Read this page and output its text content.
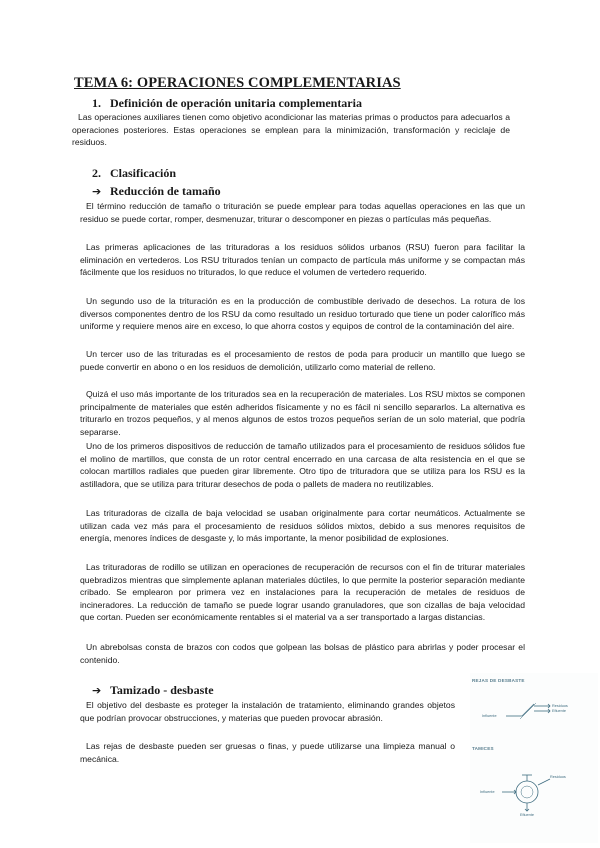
TEMA 6: OPERACIONES COMPLEMENTARIAS
1. Definición de operación unitaria complementaria

Las operaciones auxiliares tienen como objetivo acondicionar las materias primas o productos para adecuarlos a operaciones posteriores. Estas operaciones se emplean para la minimización, transformación y reciclaje de residuos.

2. Clasificación
➔ Reducción de tamaño

El término reducción de tamaño o trituración se puede emplear para todas aquellas operaciones en las que un residuo se puede cortar, romper, desmenuzar, triturar o descomponer en piezas o partículas más pequeñas.

Las primeras aplicaciones de las trituradoras a los residuos sólidos urbanos (RSU) fueron para facilitar la eliminación en vertederos. Los RSU triturados tenían un compacto de partícula más uniforme y se compactan más fácilmente que los residuos no triturados, lo que reduce el volumen de vertedero requerido.

Un segundo uso de la trituración es en la producción de combustible derivado de desechos. La rotura de los diversos componentes dentro de los RSU da como resultado un residuo torturado que tiene un poder calorífico más uniforme y requiere menos aire en exceso, lo que ahorra costos y equipos de control de la contaminación del aire.

Un tercer uso de las trituradas es el procesamiento de restos de poda para producir un mantillo que luego se puede convertir en abono o en los residuos de demolición, utilizarlo como material de relleno.

Quizá el uso más importante de los triturados sea en la recuperación de materiales. Los RSU mixtos se componen principalmente de materiales que estén adheridos físicamente y no es fácil ni sencillo separarlos. La alternativa es triturarlo en trozos pequeños, y al menos algunos de estos trozos pequeños serían de un solo material, que podría separarse.

Uno de los primeros dispositivos de reducción de tamaño utilizados para el procesamiento de residuos sólidos fue el molino de martillos, que consta de un rotor central encerrado en una carcasa de alta resistencia en el que se colocan martillos radiales que pueden girar libremente. Otro tipo de trituradora que se utiliza para los RSU es la astilladora, que se utiliza para triturar desechos de poda o pallets de madera no reutilizables.

Las trituradoras de cizalla de baja velocidad se usaban originalmente para cortar neumáticos. Actualmente se utilizan cada vez más para el procesamiento de residuos sólidos mixtos, debido a sus menores requisitos de energía, menores índices de desgaste y, lo más importante, la menor posibilidad de explosiones.

Las trituradoras de rodillo se utilizan en operaciones de recuperación de recursos con el fin de triturar materiales quebradizos mientras que simplemente aplanan materiales dúctiles, lo que permite la posterior separación mediante cribado. Se emplearon por primera vez en instalaciones para la recuperación de metales de residuos de incineradores. La reducción de tamaño se puede lograr usando granuladores, que son cizallas de baja velocidad que cortan. Pueden ser económicamente rentables si el material va a ser transportado a largas distancias.

Un abrebolsas consta de brazos con codos que golpean las bolsas de plástico para abrirlas y poder procesar el contenido.

➔ Tamizado - desbaste

El objetivo del desbaste es proteger la instalación de tratamiento, eliminando grandes objetos que podrían provocar obstrucciones, y materias que pueden provocar abrasión.

Las rejas de desbaste pueden ser gruesas o finas, y puede utilizarse una limpieza manual o mecánica.

REJAS DE DESBASTE
Influente
Residuos
Efluente
TAMICES
Influente
Residuos
Efluente
